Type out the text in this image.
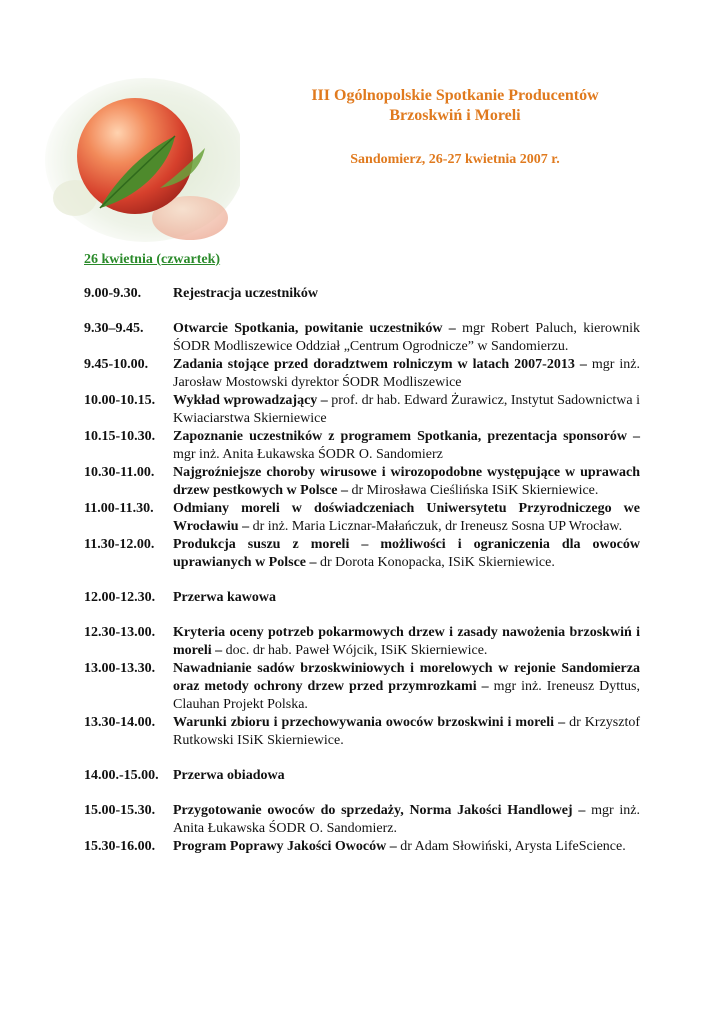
III Ogólnopolskie Spotkanie Producentów
Brzoskwiń i Moreli
Sandomierz, 26-27 kwietnia 2007 r.
26 kwietnia (czwartek)
9.00-9.30.	Rejestracja uczestników
9.30–9.45.	Otwarcie Spotkania, powitanie uczestników – mgr Robert Paluch, kierownik ŚODR Modliszewice Oddział „Centrum Ogrodnicze” w Sandomierzu.
9.45-10.00.	Zadania stojące przed doradztwem rolniczym w latach 2007-2013 – mgr inż. Jarosław Mostowski dyrektor ŚODR Modliszewice
10.00-10.15.	Wykład wprowadzający – prof. dr hab. Edward Żurawicz, Instytut Sadownictwa i Kwiaciarstwa Skierniewice
10.15-10.30.	Zapoznanie uczestników z programem Spotkania, prezentacja sponsorów – mgr inż. Anita Łukawska ŚODR O. Sandomierz
10.30-11.00.	Najgroźniejsze choroby wirusowe i wirozopodobne występujące w uprawach drzew pestkowych w Polsce – dr Mirosława Cieślińska ISiK Skierniewice.
11.00-11.30.	Odmiany moreli w doświadczeniach Uniwersytetu Przyrodniczego we Wrocławiu – dr inż. Maria Licznar-Małańczuk, dr Ireneusz Sosna UP Wrocław.
11.30-12.00.	Produkcja suszu z moreli – możliwości i ograniczenia dla owoców uprawianych w Polsce – dr Dorota Konopacka, ISiK Skierniewice.
12.00-12.30.	Przerwa kawowa
12.30-13.00.	Kryteria oceny potrzeb pokarmowych drzew i zasady nawożenia brzoskwiń i moreli – doc. dr hab. Paweł Wójcik, ISiK Skierniewice.
13.00-13.30.	Nawadnianie sadów brzoskwiniowych i morelowych w rejonie Sandomierza oraz metody ochrony drzew przed przymrozkami – mgr inż. Ireneusz Dyttus, Clauhan Projekt Polska.
13.30-14.00.	Warunki zbioru i przechowywania owoców brzoskwini i moreli – dr Krzysztof Rutkowski ISiK Skierniewice.
14.00.-15.00.	Przerwa obiadowa
15.00-15.30.	Przygotowanie owoców do sprzedaży, Norma Jakości Handlowej – mgr inż. Anita Łukawska ŚODR O. Sandomierz.
15.30-16.00.	Program Poprawy Jakości Owoców – dr Adam Słowiński, Arysta LifeScience.
